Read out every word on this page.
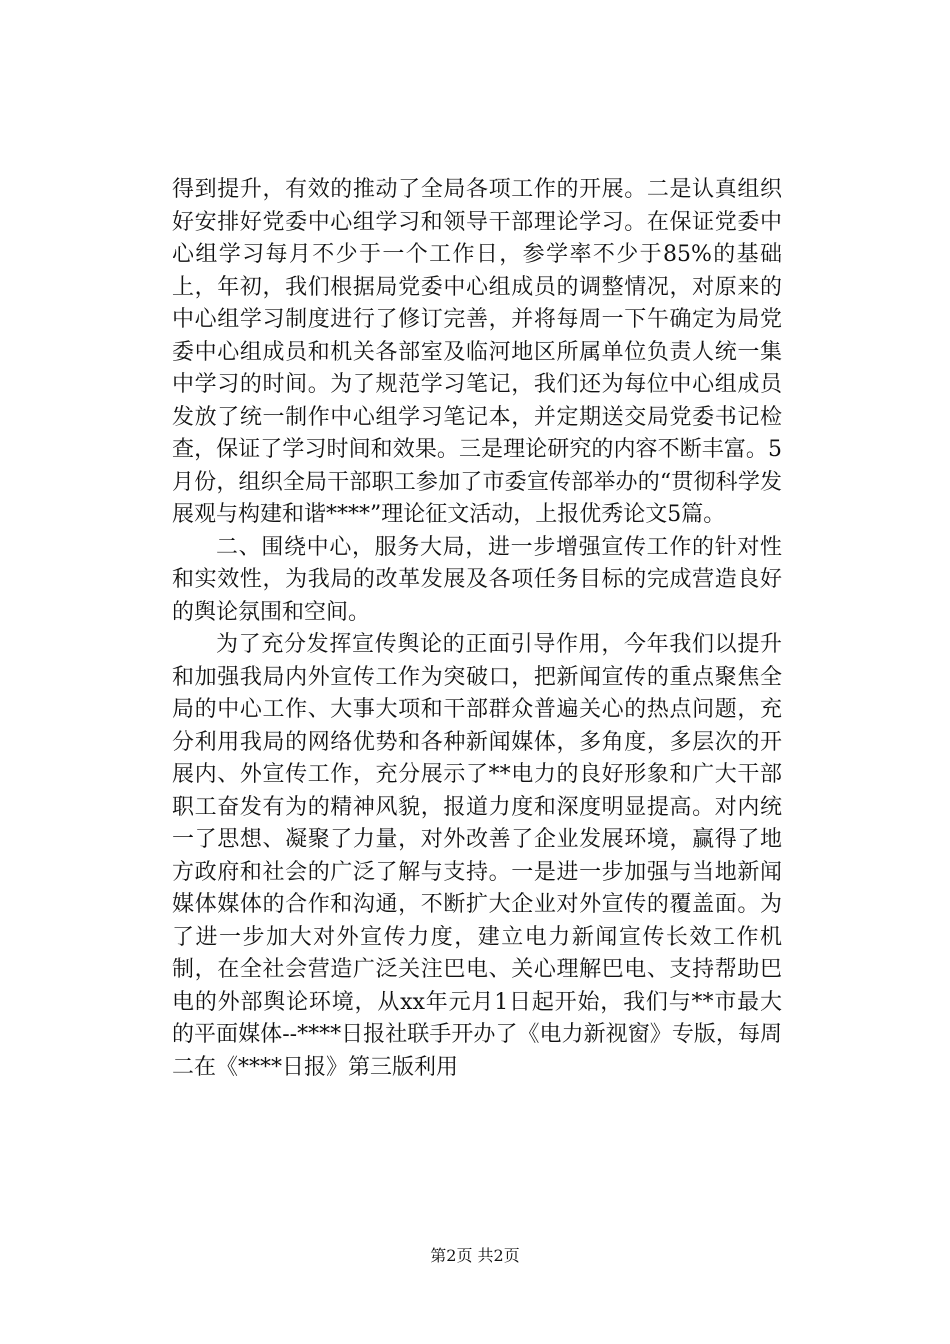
得到提升，有效的推动了全局各项工作的开展。二是认真组织好安排好党委中心组学习和领导干部理论学习。在保证党委中心组学习每月不少于一个工作日，参学率不少于85%的基础上，年初，我们根据局党委中心组成员的调整情况，对原来的中心组学习制度进行了修订完善，并将每周一下午确定为局党委中心组成员和机关各部室及临河地区所属单位负责人统一集中学习的时间。为了规范学习笔记，我们还为每位中心组成员发放了统一制作中心组学习笔记本，并定期送交局党委书记检查，保证了学习时间和效果。三是理论研究的内容不断丰富。5月份，组织全局干部职工参加了市委宣传部举办的“贯彻科学发展观与构建和谐****”理论征文活动，上报优秀论文5篇。

二、围绕中心，服务大局，进一步增强宣传工作的针对性和实效性，为我局的改革发展及各项任务目标的完成营造良好的舆论氛围和空间。

为了充分发挥宣传舆论的正面引导作用，今年我们以提升和加强我局内外宣传工作为突破口，把新闻宣传的重点聚焦全局的中心工作、大事大项和干部群众普遍关心的热点问题，充分利用我局的网络优势和各种新闻媒体，多角度，多层次的开展内、外宣传工作，充分展示了**电力的良好形象和广大干部职工奋发有为的精神风貌，报道力度和深度明显提高。对内统一了思想、凝聚了力量，对外改善了企业发展环境，赢得了地方政府和社会的广泛了解与支持。一是进一步加强与当地新闻媒体媒体的合作和沟通，不断扩大企业对外宣传的覆盖面。为了进一步加大对外宣传力度，建立电力新闻宣传长效工作机制，在全社会营造广泛关注巴电、关心理解巴电、支持帮助巴电的外部舆论环境，从xx年元月1日起开始，我们与**市最大的平面媒体--****日报社联手开办了《电力新视窗》专版，每周二在《****日报》第三版利用

第2页 共2页
